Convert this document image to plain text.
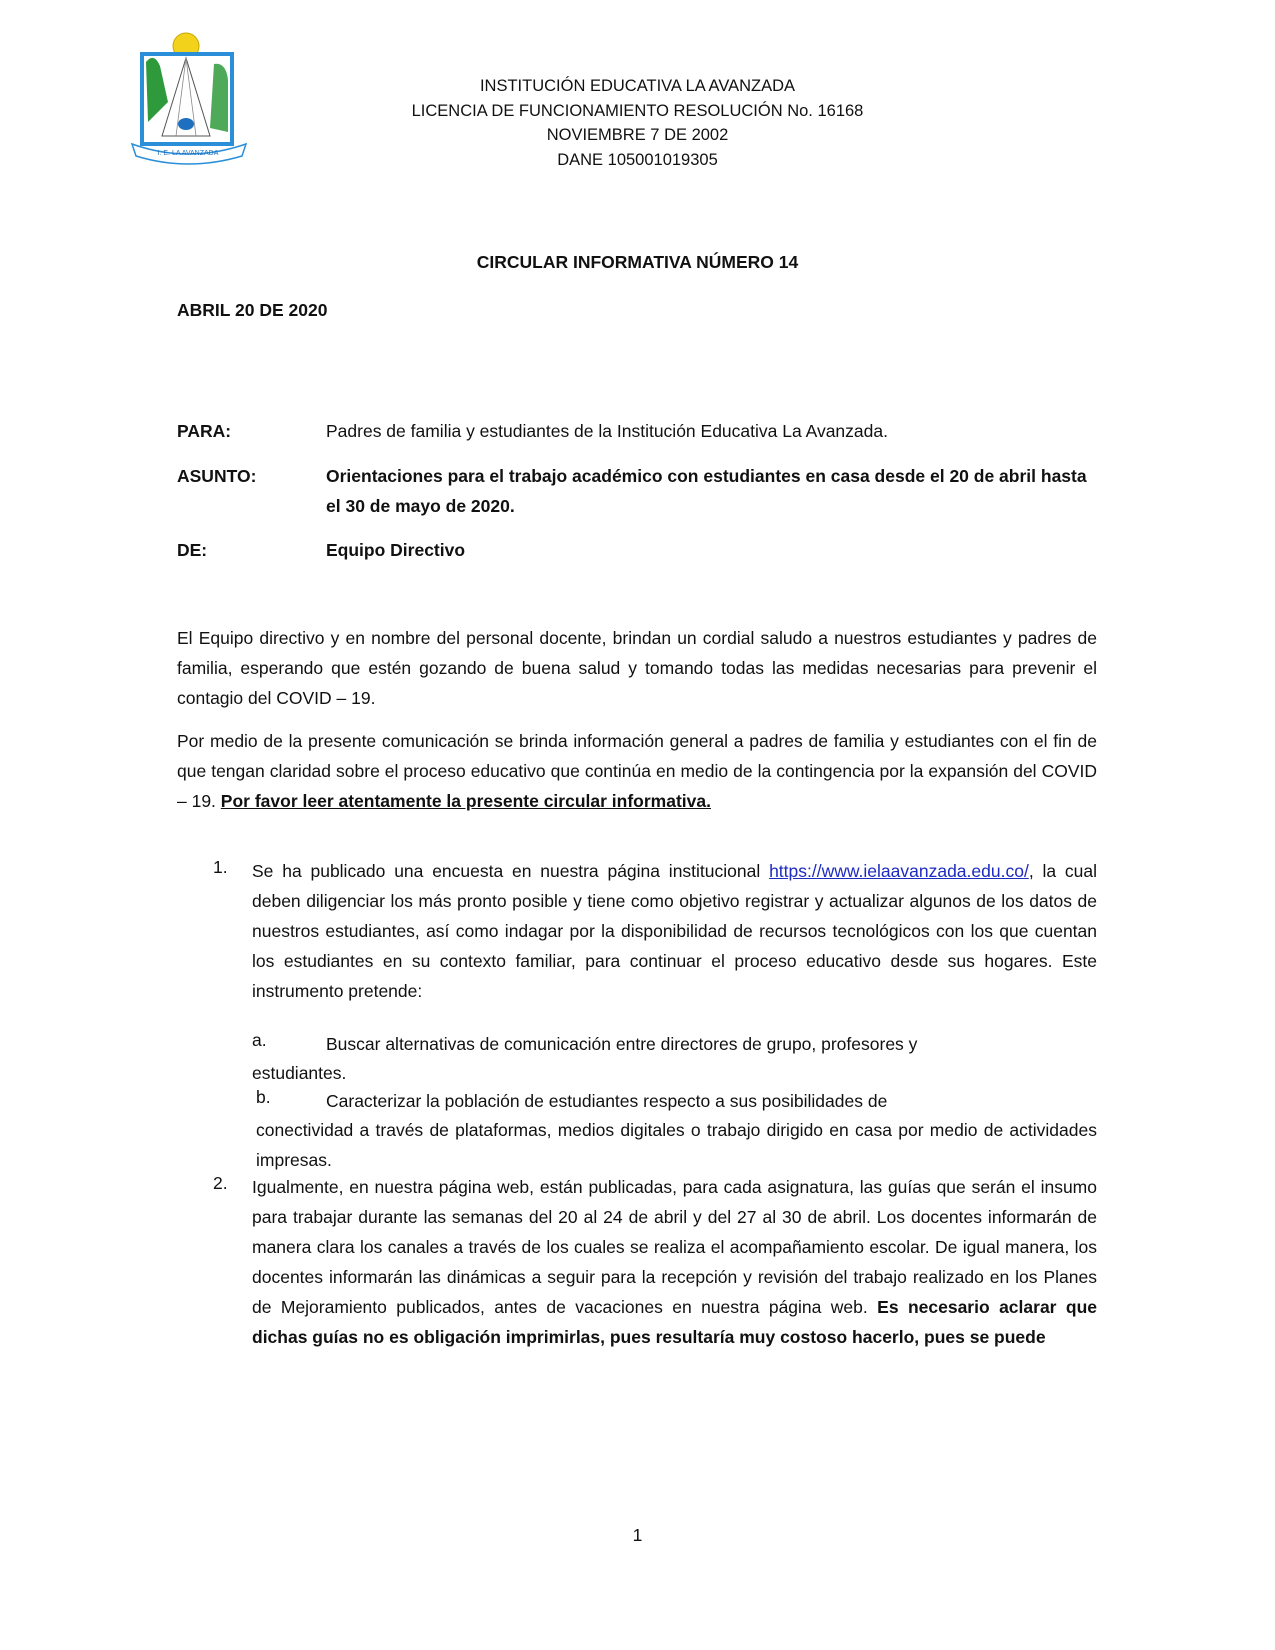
I. E. LA AVANZADA
INSTITUCIÓN EDUCATIVA LA AVANZADA
LICENCIA DE FUNCIONAMIENTO RESOLUCIÓN No. 16168
NOVIEMBRE 7 DE 2002
DANE 105001019305
CIRCULAR INFORMATIVA NÚMERO 14
ABRIL 20 DE 2020
PARA:	Padres de familia y estudiantes de la Institución Educativa La Avanzada.
ASUNTO:	Orientaciones para el trabajo académico con estudiantes en casa desde el 20 de abril hasta el 30 de mayo de 2020.
DE:	Equipo Directivo
El Equipo directivo y en nombre del personal docente, brindan un cordial saludo a nuestros estudiantes y padres de familia, esperando que estén gozando de buena salud y tomando todas las medidas necesarias para prevenir el contagio del COVID – 19.
Por medio de la presente comunicación se brinda información general a padres de familia y estudiantes con el fin de que tengan claridad sobre el proceso educativo que continúa en medio de la contingencia por la expansión del COVID – 19. Por favor leer atentamente la presente circular informativa.
1. Se ha publicado una encuesta en nuestra página institucional https://www.ielaavanzada.edu.co/, la cual deben diligenciar los más pronto posible y tiene como objetivo registrar y actualizar algunos de los datos de nuestros estudiantes, así como indagar por la disponibilidad de recursos tecnológicos con los que cuentan los estudiantes en su contexto familiar, para continuar el proceso educativo desde sus hogares. Este instrumento pretende:
a.	Buscar alternativas de comunicación entre directores de grupo, profesores y
estudiantes.
b.	Caracterizar la población de estudiantes respecto a sus posibilidades de
conectividad a través de plataformas, medios digitales o trabajo dirigido en casa por medio de actividades impresas.
2. Igualmente, en nuestra página web, están publicadas, para cada asignatura, las guías que serán el insumo para trabajar durante las semanas del 20 al 24 de abril y del 27 al 30 de abril. Los docentes informarán de manera clara los canales a través de los cuales se realiza el acompañamiento escolar. De igual manera, los docentes informarán las dinámicas a seguir para la recepción y revisión del trabajo realizado en los Planes de Mejoramiento publicados, antes de vacaciones en nuestra página web. Es necesario aclarar que dichas guías no es obligación imprimirlas, pues resultaría muy costoso hacerlo, pues se puede
1
